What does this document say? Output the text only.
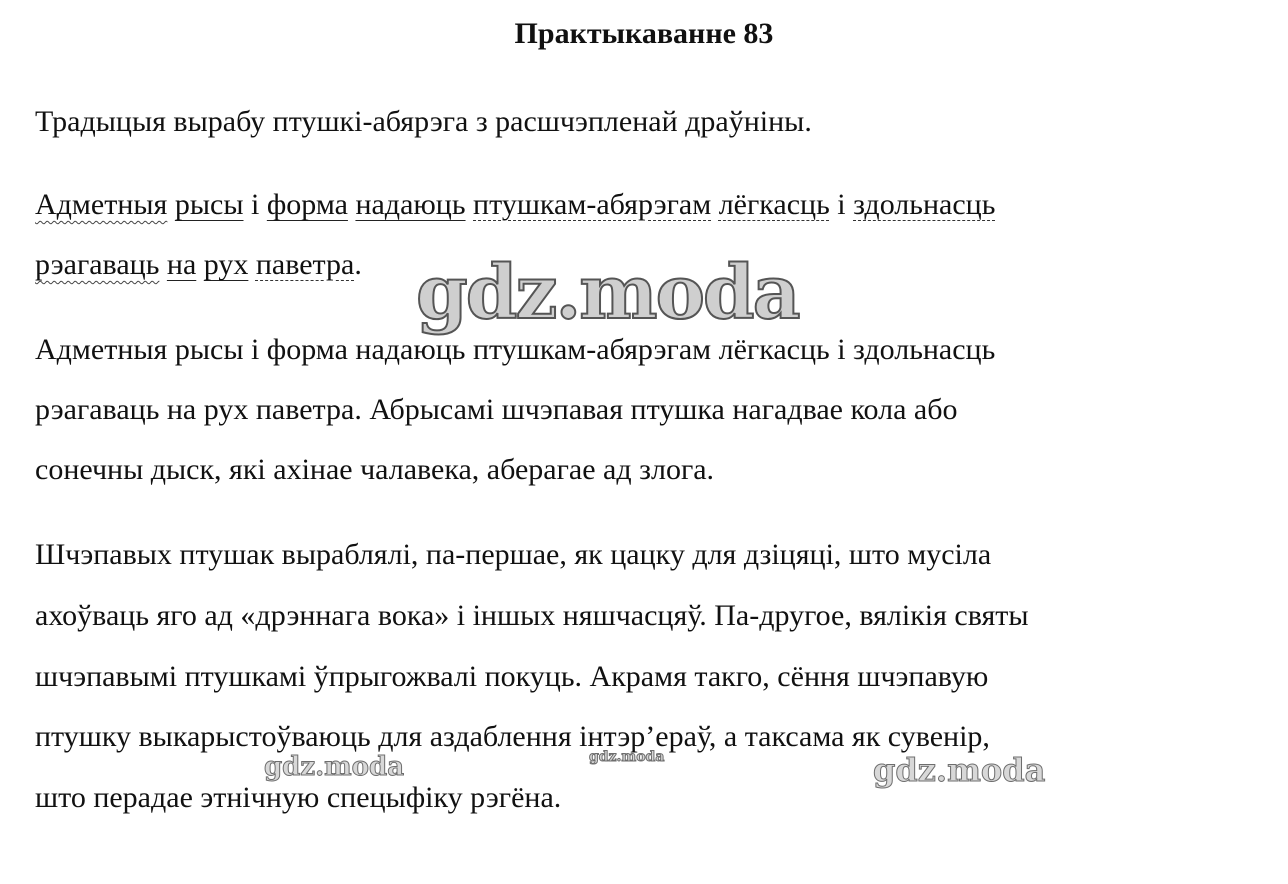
Практыкаванне 83
Традыцыя вырабу птушкі-абярэга з расшчэпленай драўніны.
Адметныя рысы і форма надаюць птушкам-абярэгам лёгкасць і здольнасць
рэагаваць на рух паветра.
Адметныя рысы і форма надаюць птушкам-абярэгам лёгкасць і здольнасць
рэагаваць на рух паветра. Абрысамі шчэпавая птушка нагадвае кола або
сонечны дыск, які ахінае чалавека, аберагае ад злога.
Шчэпавых птушак выраблялі, па-першае, як цацку для дзіцяці, што мусіла
ахоўваць яго ад «дрэннага вока» і іншых няшчасцяў. Па-другое, вялікія святы
шчэпавымі птушкамі ўпрыгожвалі покуць. Акрамя такго, сёння шчэпавую
птушку выкарыстоўваюць для аздаблення інтэр’ераў, а таксама як сувенір,
што перадае этнічную спецыфіку рэгёна.
gdz.moda
gdz.moda	gdz.moda	gdz.moda
